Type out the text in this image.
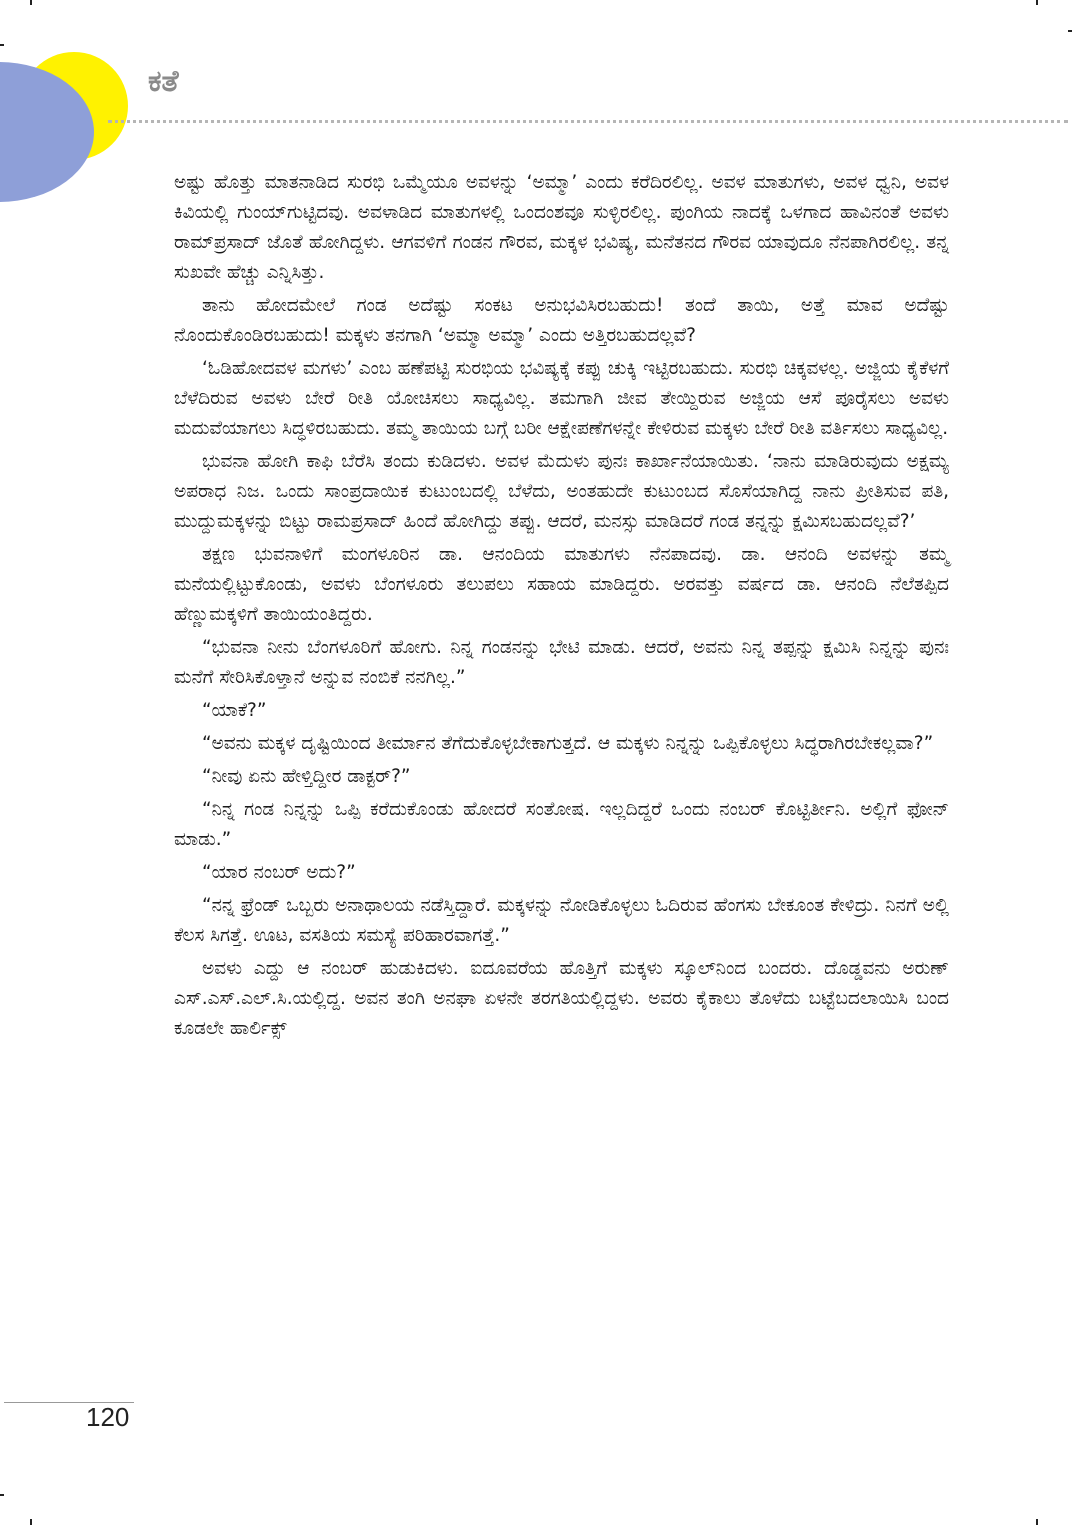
ಕತೆ

ಅಷ್ಟು ಹೊತ್ತು ಮಾತನಾಡಿದ ಸುರಭಿ ಒಮ್ಮೆಯೂ ಅವಳನ್ನು ‘ಅಮ್ಮಾ’ ಎಂದು ಕರೆದಿರಲಿಲ್ಲ. ಅವಳ ಮಾತುಗಳು, ಅವಳ ಧ್ವನಿ, ಅವಳ ಕಿವಿಯಲ್ಲಿ ಗುಂಯ್‌ಗುಟ್ಟಿದವು. ಅವಳಾಡಿದ ಮಾತುಗಳಲ್ಲಿ ಒಂದಂಶವೂ ಸುಳ್ಳಿರಲಿಲ್ಲ. ಪುಂಗಿಯ ನಾದಕ್ಕೆ ಒಳಗಾದ ಹಾವಿನಂತೆ ಅವಳು ರಾಮ್‌ಪ್ರಸಾದ್ ಜೊತೆ ಹೋಗಿದ್ದಳು. ಆಗವಳಿಗೆ ಗಂಡನ ಗೌರವ, ಮಕ್ಕಳ ಭವಿಷ್ಯ, ಮನೆತನದ ಗೌರವ ಯಾವುದೂ ನೆನಪಾಗಿರಲಿಲ್ಲ. ತನ್ನ ಸುಖವೇ ಹೆಚ್ಚು ಎನ್ನಿಸಿತ್ತು.

ತಾನು ಹೋದಮೇಲೆ ಗಂಡ ಅದೆಷ್ಟು ಸಂಕಟ ಅನುಭವಿಸಿರಬಹುದು! ತಂದೆ ತಾಯಿ, ಅತ್ತೆ ಮಾವ ಅದೆಷ್ಟು ನೊಂದುಕೊಂಡಿರಬಹುದು! ಮಕ್ಕಳು ತನಗಾಗಿ ‘ಅಮ್ಮಾ ಅಮ್ಮಾ’ ಎಂದು ಅತ್ತಿರಬಹುದಲ್ಲವೆ?

‘ಓಡಿಹೋದವಳ ಮಗಳು’ ಎಂಬ ಹಣೆಪಟ್ಟಿ ಸುರಭಿಯ ಭವಿಷ್ಯಕ್ಕೆ ಕಪ್ಪು ಚುಕ್ಕಿ ಇಟ್ಟಿರಬಹುದು. ಸುರಭಿ ಚಿಕ್ಕವಳಲ್ಲ. ಅಜ್ಜಿಯ ಕೈಕೆಳಗೆ ಬೆಳೆದಿರುವ ಅವಳು ಬೇರೆ ರೀತಿ ಯೋಚಿಸಲು ಸಾಧ್ಯವಿಲ್ಲ. ತಮಗಾಗಿ ಜೀವ ತೇಯ್ದಿರುವ ಅಜ್ಜಿಯ ಆಸೆ ಪೂರೈಸಲು ಅವಳು ಮದುವೆಯಾಗಲು ಸಿದ್ಧಳಿರಬಹುದು. ತಮ್ಮ ತಾಯಿಯ ಬಗ್ಗೆ ಬರೀ ಆಕ್ಷೇಪಣೆಗಳನ್ನೇ ಕೇಳಿರುವ ಮಕ್ಕಳು ಬೇರೆ ರೀತಿ ವರ್ತಿಸಲು ಸಾಧ್ಯವಿಲ್ಲ.

ಭುವನಾ ಹೋಗಿ ಕಾಫಿ ಬೆರೆಸಿ ತಂದು ಕುಡಿದಳು. ಅವಳ ಮೆದುಳು ಪುನಃ ಕಾರ್ಖಾನೆಯಾಯಿತು. ‘ನಾನು ಮಾಡಿರುವುದು ಅಕ್ಷಮ್ಯ ಅಪರಾಧ ನಿಜ. ಒಂದು ಸಾಂಪ್ರದಾಯಿಕ ಕುಟುಂಬದಲ್ಲಿ ಬೆಳೆದು, ಅಂತಹುದೇ ಕುಟುಂಬದ ಸೊಸೆಯಾಗಿದ್ದ ನಾನು ಪ್ರೀತಿಸುವ ಪತಿ, ಮುದ್ದುಮಕ್ಕಳನ್ನು ಬಿಟ್ಟು ರಾಮಪ್ರಸಾದ್ ಹಿಂದೆ ಹೋಗಿದ್ದು ತಪ್ಪು. ಆದರೆ, ಮನಸ್ಸು ಮಾಡಿದರೆ ಗಂಡ ತನ್ನನ್ನು ಕ್ಷಮಿಸಬಹುದಲ್ಲವೆ?’

ತಕ್ಷಣ ಭುವನಾಳಿಗೆ ಮಂಗಳೂರಿನ ಡಾ. ಆನಂದಿಯ ಮಾತುಗಳು ನೆನಪಾದವು. ಡಾ. ಆನಂದಿ ಅವಳನ್ನು ತಮ್ಮ ಮನೆಯಲ್ಲಿಟ್ಟುಕೊಂಡು, ಅವಳು ಬೆಂಗಳೂರು ತಲುಪಲು ಸಹಾಯ ಮಾಡಿದ್ದರು. ಅರವತ್ತು ವರ್ಷದ ಡಾ. ಆನಂದಿ ನೆಲೆತಪ್ಪಿದ ಹೆಣ್ಣುಮಕ್ಕಳಿಗೆ ತಾಯಿಯಂತಿದ್ದರು.

“ಭುವನಾ ನೀನು ಬೆಂಗಳೂರಿಗೆ ಹೋಗು. ನಿನ್ನ ಗಂಡನನ್ನು ಭೇಟಿ ಮಾಡು. ಆದರೆ, ಅವನು ನಿನ್ನ ತಪ್ಪನ್ನು ಕ್ಷಮಿಸಿ ನಿನ್ನನ್ನು ಪುನಃ ಮನೆಗೆ ಸೇರಿಸಿಕೊಳ್ತಾನೆ ಅನ್ನುವ ನಂಬಿಕೆ ನನಗಿಲ್ಲ.”

“ಯಾಕೆ?”

“ಅವನು ಮಕ್ಕಳ ದೃಷ್ಟಿಯಿಂದ ತೀರ್ಮಾನ ತೆಗೆದುಕೊಳ್ಳಬೇಕಾಗುತ್ತದೆ. ಆ ಮಕ್ಕಳು ನಿನ್ನನ್ನು ಒಪ್ಪಿಕೊಳ್ಳಲು ಸಿದ್ಧರಾಗಿರಬೇಕಲ್ಲವಾ?”

“ನೀವು ಏನು ಹೇಳ್ತಿದ್ದೀರ ಡಾಕ್ಟರ್?”

“ನಿನ್ನ ಗಂಡ ನಿನ್ನನ್ನು ಒಪ್ಪಿ ಕರೆದುಕೊಂಡು ಹೋದರೆ ಸಂತೋಷ. ಇಲ್ಲದಿದ್ದರೆ ಒಂದು ನಂಬರ್ ಕೊಟ್ಟಿರ್ತೀನಿ. ಅಲ್ಲಿಗೆ ಫೋನ್ ಮಾಡು.”

“ಯಾರ ನಂಬರ್ ಅದು?”

“ನನ್ನ ಫ್ರೆಂಡ್ ಒಬ್ಬರು ಅನಾಥಾಲಯ ನಡೆಸ್ತಿದ್ದಾರೆ. ಮಕ್ಕಳನ್ನು ನೋಡಿಕೊಳ್ಳಲು ಓದಿರುವ ಹೆಂಗಸು ಬೇಕೂಂತ ಕೇಳಿದ್ರು. ನಿನಗೆ ಅಲ್ಲಿ ಕೆಲಸ ಸಿಗತ್ತೆ. ಊಟ, ವಸತಿಯ ಸಮಸ್ಯೆ ಪರಿಹಾರವಾಗತ್ತೆ.”

ಅವಳು ಎದ್ದು ಆ ನಂಬರ್ ಹುಡುಕಿದಳು. ಐದೂವರೆಯ ಹೊತ್ತಿಗೆ ಮಕ್ಕಳು ಸ್ಕೂಲ್‌ನಿಂದ ಬಂದರು. ದೊಡ್ಡವನು ಅರುಣ್ ಎಸ್.ಎಸ್.ಎಲ್.ಸಿ.ಯಲ್ಲಿದ್ದ. ಅವನ ತಂಗಿ ಅನಘಾ ಏಳನೇ ತರಗತಿಯಲ್ಲಿದ್ದಳು. ಅವರು ಕೈಕಾಲು ತೊಳೆದು ಬಟ್ಟೆಬದಲಾಯಿಸಿ ಬಂದ ಕೂಡಲೇ ಹಾರ್ಲಿಕ್ಸ್

120
